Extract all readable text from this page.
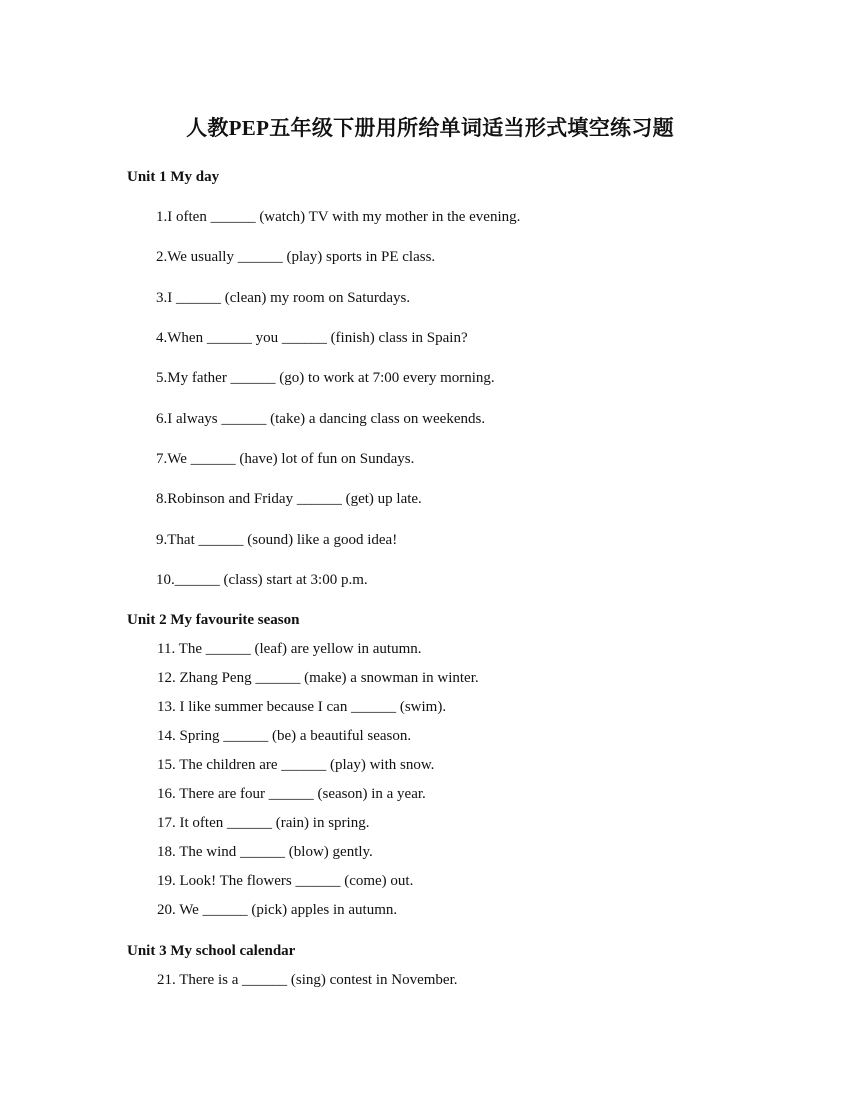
人教PEP五年级下册用所给单词适当形式填空练习题
Unit 1 My day
1.I often ______ (watch) TV with my mother in the evening.
2.We usually ______ (play) sports in PE class.
3.I ______ (clean) my room on Saturdays.
4.When ______ you ______ (finish) class in Spain?
5.My father ______ (go) to work at 7:00 every morning.
6.I always ______ (take) a dancing class on weekends.
7.We ______ (have) lot of fun on Sundays.
8.Robinson and Friday ______ (get) up late.
9.That ______ (sound) like a good idea!
10.______ (class) start at 3:00 p.m.
Unit 2 My favourite season
11. The ______ (leaf) are yellow in autumn.
12. Zhang Peng ______ (make) a snowman in winter.
13. I like summer because I can ______ (swim).
14. Spring ______ (be) a beautiful season.
15. The children are ______ (play) with snow.
16. There are four ______ (season) in a year.
17. It often ______ (rain) in spring.
18. The wind ______ (blow) gently.
19. Look! The flowers ______ (come) out.
20. We ______ (pick) apples in autumn.
Unit 3 My school calendar
21. There is a ______ (sing) contest in November.
